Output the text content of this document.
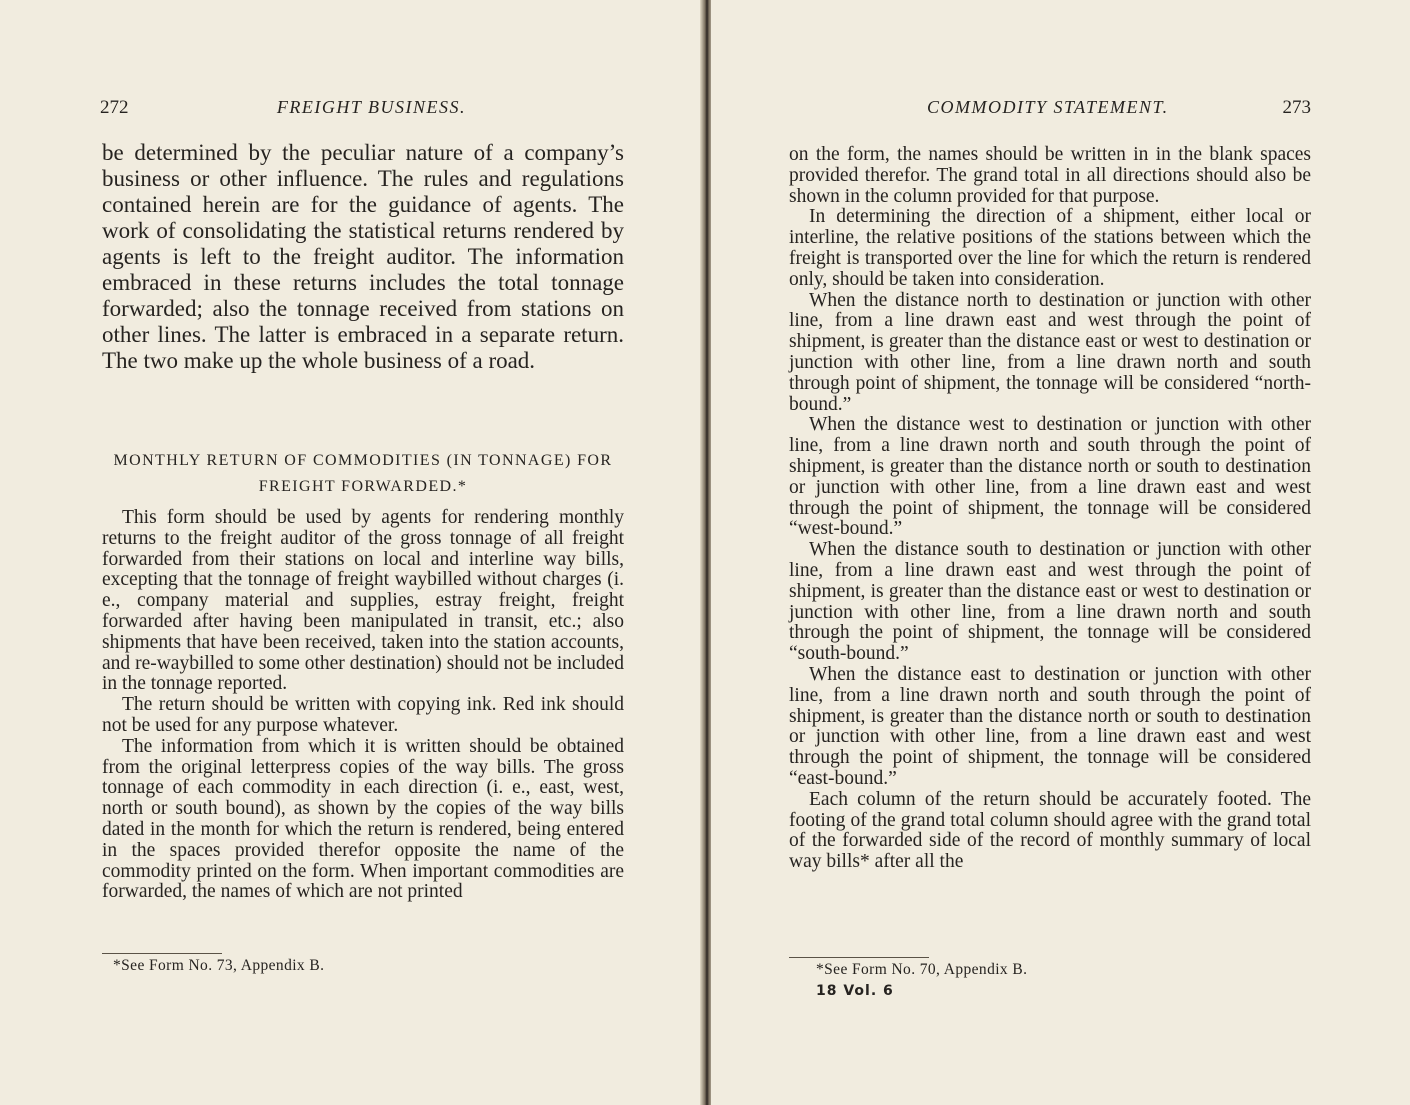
272	FREIGHT BUSINESS.

be determined by the peculiar nature of a company’s business or other influence. The rules and regulations contained herein are for the guidance of agents. The work of consolidating the statistical returns rendered by agents is left to the freight auditor. The information embraced in these returns includes the total tonnage forwarded; also the tonnage received from stations on other lines. The latter is embraced in a separate return. The two make up the whole business of a road.

MONTHLY RETURN OF COMMODITIES (IN TONNAGE) FOR FREIGHT FORWARDED.*

This form should be used by agents for rendering monthly returns to the freight auditor of the gross tonnage of all freight forwarded from their stations on local and interline way bills, excepting that the tonnage of freight waybilled without charges (i. e., company material and supplies, estray freight, freight forwarded after having been manipulated in transit, etc.; also shipments that have been received, taken into the station accounts, and re-waybilled to some other destination) should not be included in the tonnage reported.

The return should be written with copying ink. Red ink should not be used for any purpose whatever.

The information from which it is written should be obtained from the original letterpress copies of the way bills. The gross tonnage of each commodity in each direction (i. e., east, west, north or south bound), as shown by the copies of the way bills dated in the month for which the return is rendered, being entered in the spaces provided therefor opposite the name of the commodity printed on the form. When important commodities are forwarded, the names of which are not printed

*See Form No. 73, Appendix B.
COMMODITY STATEMENT.	273

on the form, the names should be written in in the blank spaces provided therefor. The grand total in all directions should also be shown in the column provided for that purpose.

In determining the direction of a shipment, either local or interline, the relative positions of the stations between which the freight is transported over the line for which the return is rendered only, should be taken into consideration.

When the distance north to destination or junction with other line, from a line drawn east and west through the point of shipment, is greater than the distance east or west to destination or junction with other line, from a line drawn north and south through point of shipment, the tonnage will be considered “north-bound.”

When the distance west to destination or junction with other line, from a line drawn north and south through the point of shipment, is greater than the distance north or south to destination or junction with other line, from a line drawn east and west through the point of shipment, the tonnage will be considered “west-bound.”

When the distance south to destination or junction with other line, from a line drawn east and west through the point of shipment, is greater than the distance east or west to destination or junction with other line, from a line drawn north and south through the point of shipment, the tonnage will be considered “south-bound.”

When the distance east to destination or junction with other line, from a line drawn north and south through the point of shipment, is greater than the distance north or south to destination or junction with other line, from a line drawn east and west through the point of shipment, the tonnage will be considered “east-bound.”

Each column of the return should be accurately footed. The footing of the grand total column should agree with the grand total of the forwarded side of the record of monthly summary of local way bills* after all the

*See Form No. 70, Appendix B.
18 Vol. 6
